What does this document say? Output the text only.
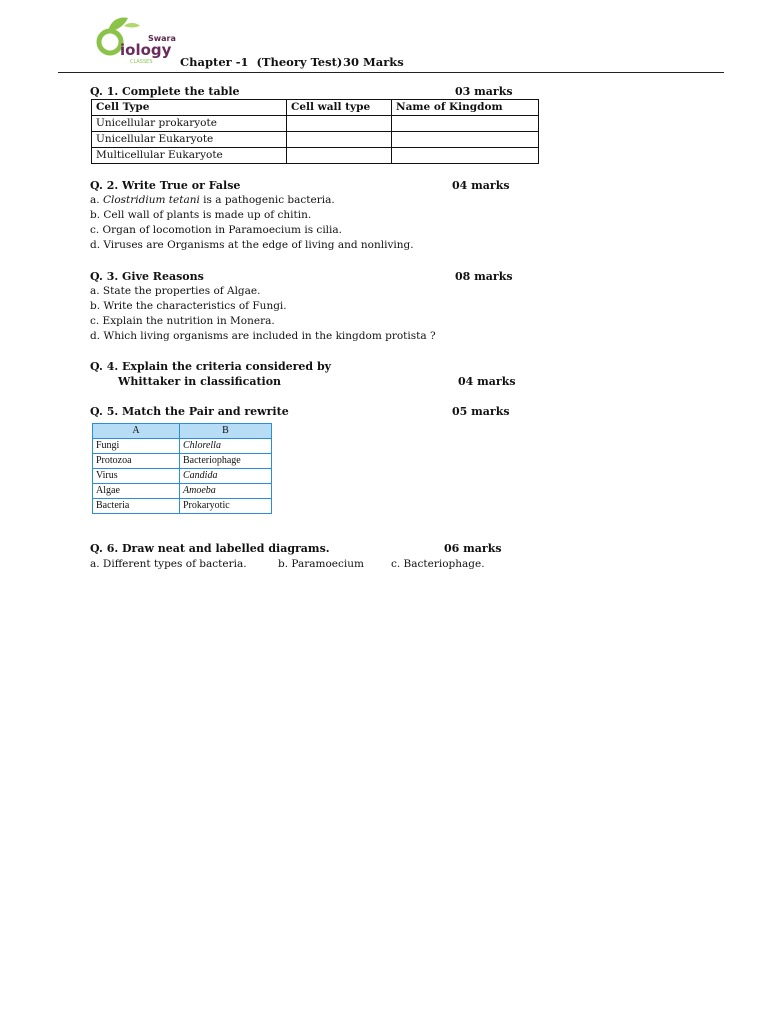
Swara
iology
CLASSES Chapter -1  (Theory Test) 30 Marks
Q. 1. Complete the table	03 marks
Cell Type	Cell wall type	Name of Kingdom
Unicellular prokaryote		
Unicellular Eukaryote		
Multicellular Eukaryote		
Q. 2. Write True or False	04 marks
a. Clostridium tetani is a pathogenic bacteria.
b. Cell wall of plants is made up of chitin.
c. Organ of locomotion in Paramoecium is cilia.
d. Viruses are Organisms at the edge of living and nonliving.
Q. 3. Give Reasons	08 marks
a. State the properties of Algae.
b. Write the characteristics of Fungi.
c. Explain the nutrition in Monera.
d. Which living organisms are included in the kingdom protista ?
Q. 4. Explain the criteria considered by
Whittaker in classification	04 marks
Q. 5. Match the Pair and rewrite	05 marks
A	B
Fungi	Chlorella
Protozoa	Bacteriophage
Virus	Candida
Algae	Amoeba
Bacteria	Prokaryotic
Q. 6. Draw neat and labelled diagrams.	06 marks
a. Different types of bacteria.	b. Paramoecium	c. Bacteriophage.
